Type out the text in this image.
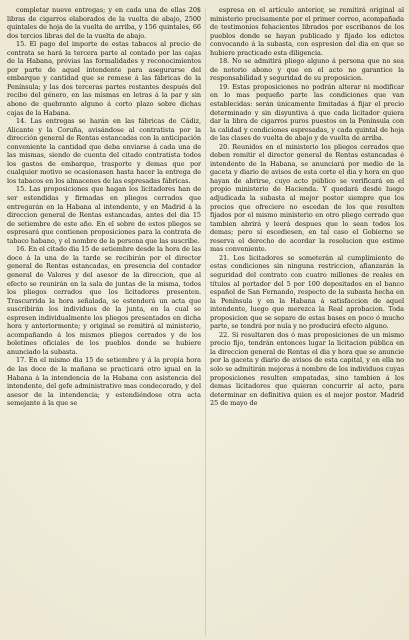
completar nueve entregas; y en cada una de ellas 20$ libras de cigarros elaborados de la vuelta de abajo, 2500 quintales de hoja de la vuelta de arriba, y 156 quintales, 66 dos tercios libras del de la vuelta de abajo.

15. El pago del importe de estas tabacos al precio de contrata se hará la tercera parte al contado por las cajas de la Habana, prévias las formalidades y reconocimientos por parte de aquel intendente para asegurarse del embarque y cantidad que se remese á las fábricas de la Península; y las dos terceras partes restantes después del recibo del género, en las mismas en letras á la par y sin abono de quebranto alguno á corto plazo sobre dichas cajas de la Habana.

14. Las entregas se harán en las fábricas de Cádiz, Alicante y la Coruña, avisándose al contratista por la dirección general de Rentas estancadas con la anticipación conveniente la cantidad que deba enviarse á cada una de las mismas, siendo de cuenta del citado contratista todos los gastos de embarque, trasporte y demas que por cualquier motivo se ocasionasen hasta hacer la entrega de los tabacos en los almacenes de las espresadas fábricas.

15. Las proposiciones que hagan los licitadores han de ser estendidas y firmadas en pliegos cerrados que entregarán en la Habana al intendente, y en Madrid á la direccion general de Rentas estancadas, antes del dia 15 de setiembre de este año. En el sobre de estos pliegos se espresará que contienen proposiciones para la contrata de tabaco habano, y el nombre de la persona que las suscribe.

16. En el citado dia 15 de setiembre desde la hora de las doce á la una de la tarde se recibirán por el director general de Rentas estancadas, en presencia del contador general de Valores y del asesor de la direccion, que al efecto se reunirán en la sala de juntas de la misma, todos los pliegos cerrados que los licitadores presenten. Trascurrida la hora señalada, se estenderá un acta que suscribirán los individuos de la junta, en la cual se espresen individualmente los pliegos presentados en dicha hora y anteriormente; y original se remitirá al ministerio, acompañando á los mismos pliegos cerrados y de los boletines oficiales de los pueblos donde se hubiere anunciado la subasta.

17. En el mismo dia 15 de setiembre y á la propia hora de las doce de la mañana se practicará otro igual en la Habana á la intendencia de la Habana con asistencia del intendente, del gefe administrativo mas condecorado, y del asesor de la intendencia; y estendiéndose otra acta semejante á la que se

espresa en el artículo anterior, se remitirá original al ministerio precisamente por el primer correo, acompañada de testimonios fehacientes librados por escribanos de los pueblos donde se hayan publicado y fijado los edictos convocando á la subasta, con espresion del dia en que se hubiere practicado esta diligencia.

18. No se admitirá pliego alguno á persona que no sea de notorio abono y que en el acto no garantice la responsabilidad y seguridad de su proposicion.

19. Estas proposiciones no podrán alterar ni modificar en lo mas pequeño parte las condiciones que van establecidas: serán únicamente limitadas á fijar el precio determinado y sin disyuntiva á que cada licitador quiera dar la libra de cigarros puros puestos en la Península con la calidad y condiciones espresadas, y cada quintal de hoja de las clases de vuelta de abajo y de vuelta de arriba.

20. Reunidos en el ministerio los pliegos cerrados que deben remitir el director general de Rentas estancadas é intendente de la Habana, se anunciará por medio de la gaceta y diario de avisos de esta corte el dia y hora en que hayan de abrirse, cuyo acto público se verificará en el propio ministerio de Hacienda. Y quedará desde luego adjudicada la subasta al mejor postor siempre que los precios que ofreciere no escedan de los que resulten fijados por el mismo ministerio en otro pliego cerrado que tambien abrirá y leerá despues que lo sean todos los demas; pero si escediesen, en tal caso el Gobierno se reserva el derecho de acordar la resolucion que estime mas conveniente.

21. Los licitadores se someterán al cumplimiento de estas condiciones sin ninguna restriccion, afianzarán la seguridad del contrato con cuatro millones de reales en títulos al portador del 5 por 100 depositados en el banco español de San Fernando, respecto de la subasta hecha en la Península y en la Habana á satisfaccion de aquel intendente, luego que merezca la Real aprobacion. Toda proposicion que se separe de estas bases en poco ó mucho parte, se tendrá por nula y no producirá efecto alguno.

22. Si resultaren dos ó mas proposiciones de un mismo precio fijo, tendrán entonces lugar la licitacion pública en la direccion general de Rentas el dia y hora que se anuncie por la gaceta y diario de avisos de esta capital, y en ella no solo se admitirán mejoras á nombre de los individuos cuyas proposiciones resulten empatadas, sino tambien á los demas licitadores que quieran concurrir al acto, para determinar en definitiva quien es el mejor postor. Madrid 25 de mayo de
